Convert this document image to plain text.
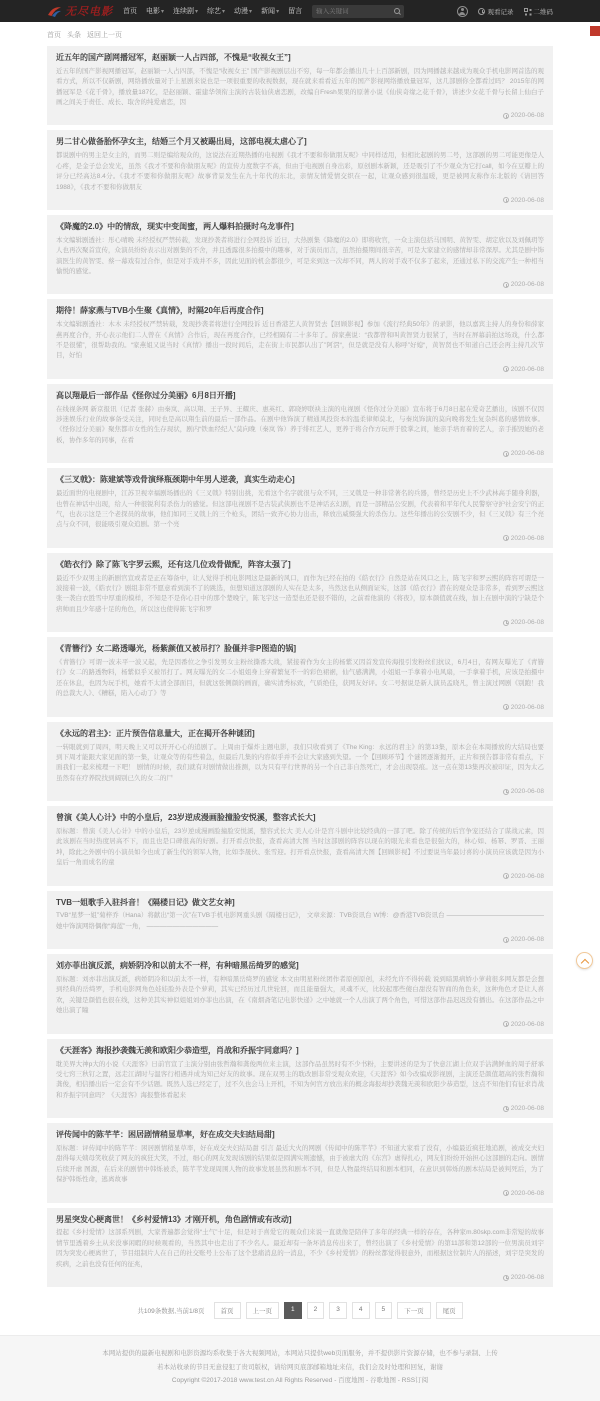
无尽电影 首页 电影▾ 连续剧▾ 综艺▾ 动漫▾ 新闻▾ 留言
输入关键词	观看记录	二维码
首页 头条 返回上一页
近五年的国产剧网播冠军，赵丽颖一人占四部，不愧是“收视女王”]
近五年的国产影视网播冠军，赵丽颖一人占四部，不愧是“收视女王” 国产影视剧层出不穷，每一年都会播出几十上百部新剧，因为网播越来越成为观众手机电影网首选的观看方式，所以不仅新剧，网络播放量对于上星剧来说也是一项很重要的收视数据，现在就来看看近五年的国产影视网络播放量冠军，这几部剧你全都看过吗？ 2015年的网播冠军是《花千骨》，播放量187亿，是赵丽颖、霍建华领衔主演的古装仙侠虐恋剧，改编自Fresh果果的原著小说《仙侠奇缘之花千骨》，讲述少女花千骨与长留上仙白子画之间关于责任、成长、取舍的纯爱虐恋，因
2020-06-08
男二甘心做备胎怀孕女主，结婚三个月又被踢出局，这部电视太虐心了]
都说剧中的男主是女主的，而男二则是编给观众的，这说法在近期热播的电视剧《我才不要和你做朋友呢》中同样适用，但相比起剧的男二号，这部剧的男二可能更像是人心疼，是金子总会发光，虽然《我才不要和你做朋友呢》的宣传力度数字不高，但由于电视剧自身出彩，原创剧本新颖，还是吸引了不少观众为它打call，如今在豆瓣上的评分已经高达8.4分。《我才不要和你做朋友呢》故事背景发生在九十年代的东北，亲情友情爱情交织在一起，让观众感到很温暖，更是被网友称作东北版的《请回答1988》，《我才不要和你做朋友
2020-06-08
《降魔的2.0》中的情敌，现实中变闺蜜，两人爆料拍摄时乌龙事件]
本文编辑剧透社：彤心晴晚 未经授权严禁转载，发现抄袭者将进行全网投诉 近日，大热剧集《降魔的2.0》即将收官，一众主演包括马国明、黄智雯、胡定欣以及刘佩玥等人也再次聚首宣传，众演员纷纷表示出对剧集的不舍，并且透露很多拍摄中的趣事，对于演员而言，虽然拍摄期间很辛苦，可是大家建立的感情却非常深厚。尤其是剧中饰演医生的黄智雯、蔡一幕戏有过合作，但是对手戏并不多，因此见面的机会都很少，可是来到这一次却不同，两人的对手戏不仅多了起来，还通过私下的交流产生一种相当愉悦的感觉。
2020-06-08
期待！薛家燕与TVB小生聚《真情》，时隔20年后再度合作]
本文编辑剧透社：木木 未经授权严禁转载，发现抄袭者将进行全网投诉 近日香港艺人黄智贤去【回顾影视】参加《流行经典50年》的录影，他以嘉宾主持人的身份和薛家燕再度合作，开心表示他们二人曾在《真情》合作后，现在再度合作，已经相隔有二十多年了。薛家燕说：“我都曾和叫黄智贤力很紧了，当时在屏幕前拍这场戏，什么都不是很懂”，很帮助我的。“家燕姐又说当时《真情》播出一段时间后，走在街上市民都认出了”阿滘“，但是就是没有人称呼”好媳“，黄智贤也不知道自己还会再主持几次节目，好怕
2020-06-08
高以翔最后一部作品《怪你过分美丽》6月8日开播]
在线视条网 新京报讯（记者 张赫）由秦岚、高以翔、王子异、王耀庆、惠英红、郭晓婷联袂主演的电视剧《怪你过分美丽》宣布将于6月8日起在爱奇艺播出，该剧不仅因涉迷娱乐行业的故事备受关注，同时也是高以翔生前的最后一部作品。在剧中他饰演了精通风投资本的温柔律师莫北，与秦岚饰演的莫向晚将发生复杂纠葛的感情故事。《怪你过分美丽》聚焦都市女性的生存现状，剧内“铁血经纪人”莫向晚（秦岚 饰）养于绯红艺人，更养于将合作方玩弄于股掌之间，她亲手培育着的艺人，亲手摧毁她的老板，协作多年的同事，在看
2020-06-08
《三叉戟》：陈建斌等戏骨演绎瓶颈期中年男人逆袭，真实生动走心]
最近面世的电视剧中，江苏卫视幸福剧场播出的《三叉戟》特别出挑，光看这个名字就很与众不同，三叉戟是一种非常著名的兵器，曾经是历史上不少武林高手随身利器，也曾在神话中出现，给人一种很锐利有杀伤力的感觉。但这部电视剧不是古装武侠剧也不是神话玄幻剧，而是一部精品公安剧，代表着和平年代人民警察守护社会安宁的正气，也表示这是三个老探员的故事，他们如同三叉戟上的三个枪头，团结一致齐心协力出击，释放出威慑强大的杀伤力。这些年播出的公安剧不少，但《三叉戟》有三个亮点与众不同，很能吸引观众追剧。第一个亮
2020-06-08
《皓衣行》除了陈飞宇罗云熙，还有这几位戏骨做配，阵容太强了]
最近不少双男主的新剧官宣或者是正在筹备中，让人觉得手机电影网这是最新的风口，而作为已经在拍的《皓衣行》自然是站在风口之上，陈飞宇和罗云熙的阵容可谓是一波接着一波，《皓衣行》剧组非常不愿意看到演不了的跳选，但想知道这部剧的人实在是太多，当然这也从侧面证实，这部《皓衣行》潜在的观众是非常多，看到罗云熙这张一袭白衣胜雪中厚重的模样，不知是不是你心目中的那个楚晚宁，陈飞宇这一造型也还是很不错的，之前看他演的《将夜》，原本颜值就在线，加上在剧中演的宁缺是个痞帅而且少年感十足的角色，所以这也使得陈飞宇和罗
2020-06-08
《青簪行》女二路透曝光，杨紫颜值又被吊打？脸僵并非P图造的锅]
《青簪行》可谓一波未平一波又起，先是因番位之争引发男女主粉丝撕番大战，紧接着作为女主的杨紫又因首发宣传海报引发粉丝们抗议，6月4日，有网友曝光了《青簪行》女二的路透物料，杨紫似乎又被吊打了。网友曝光的女二小姐姐身上穿着繁复不一的彩色裙裾，仙气感满满，小姐姐一手拿着小电风扇，一手拿着手机，应该是拍摄中还在休息，也因为玩手机，她看不太清全部面目，但就这张侧颜的画面，确实清秀标致，气质绝佳，获网友好评。女二号据说是新人演员孟晓凡，曾主演过网剧《别跑！我的总裁大人》、《糟糕，陷入心动了》等
2020-06-08
《永远的君主》：正片预告信息量大，正在揭开各种谜团]
一转眼就到了周四，明天晚上又可以开开心心的追剧了。上周由于爆炸主题电影，我们只收看到了《The King：永远的君主》的第13集，原本会在本周播放的大结局也要到下周才能跟大家见面的第一集，让观众等的有些着急，但最后几集的内容似乎并不会让大家感到失望。一个【回顾环节】个谜团逐渐揭开，正片和预告都非常有看点，下面我们一起来梳理一下吧！ 剧情的时候，我们就有对剧情做出推测，以为只有平行世界的另一个自己非自然死亡，才会出现裂痕。这一点在第13集再次被印证，因为太乙虽然有在疗养院找到阔别已久的女二的尸
2020-06-08
曾演《美人心计》中的小皇后，23岁逆成漫画脸撞脸安悦溪，整容式长大]
原标题：曾演《美人心计》中的小皇后，23岁逆成漫画脸撞脸安悦溪，整容式长大 美人心计是宫斗剧中比较经典的一部了吧。除了传统的后宫争宠还结合了谋战元素，因此该剧在当时热度居高不下，而且也是口碑很高的好剧。打开看点快报，查看高清大图 当时这部剧的阵容以现在的眼光来看也是很强大的，林心如、杨幂、罗晋、王丽坤，除此之外剧中的小演员如今也成了新生代的领军人物，比如李晟伙、张雪迎。打开看点快报，查看高清大图【回顾影视】不过要说当年最讨喜的小演员应该就是因为小皇后一角而成名的童
2020-06-08
TVB一姐歌手入驻抖音！《隔楼日记》做文艺女神]
TVB“星梦一姐”菊梓乔（Hana）将献出“第一次”在TVB手机电影网重头剧《隔楼日记》， 文章来源：TVB资讯台 W博：@香港TVB资讯台 ——————————————— 她中饰演网络偶像“海蓝”一角， ———————————
2020-06-08
刘亦菲出演反派，病娇阴冷和以前太不一样，有种暗黑岳绮罗的感觉]
原标题：刘亦菲出演反派，病娇阴冷和以前太不一样，有种暗黑岳绮罗的感觉 本文由明星粉丝团作者原创原创，未经允许不得转载 说到暗黑病娇小萝莉很多网友都是会想到经典的岳绮罗，手机电影网角色娃娃脸外表是个萝莉，其实已经历过几世轮回，而且能量强大，灵魂不灭，比较起那些傻白甜没有智商的角色来，这种角色才是让人喜欢，关键是颜值也很在线，这种美其实神似姐姐刘亦菲也出演，在《南烟斋笔记电影快递》之中她就一个人出演了两个角色，可惜这部作品迟迟没有播出。在这部作品之中她出演了瞳
2020-06-08
《天涯客》海报抄袭魏无羡和欧阳少恭造型，肖战和乔振宇同意吗？]
耽美界大神p大的小说《天涯客》日前官宣了主演分别由张哲瀚和龚俊两位来主演，这部作品虽然时有不少书粉，主要讲述的是为了快意江湖上位双手沾满鲜血的周子舒承受七窍三秋钉之置，远走江湖时与温客行相遇并成为知己好友的故事。现在双男主的耽改剧非常受观众欢迎，《天涯客》如今改编成影视剧，主演还是颜值超高的张哲瀚和龚俊，相信播出后一定会有不少话题。既然人选已经定了，过不久也会马上开机，不知为何官方放出来的概念海报却抄袭魏无羡和欧阳少恭造型，这点不知他们有征求肖战和乔振宇同意吗？《天涯客》海报整体看起来
2020-06-08
评传闻中的陈芊芊：困居剧情稍显草率，好在成交夫妇结局甜]
原标题：评传闻中的陈芊芊：困居剧情稍显草率，好在成交夫妇结局甜 引言 最近大火的网剧《传闻中的陈芊芊》不知道大家看了没有，小编最近疯狂地追剧，被成交夫妇甜得每天姨母笑收获了网友的疯狂大笑，不过，细心的网友发现该剧的结果似是圆满实则遗憾，由于被虐大的《东宫》虐得扎心，网友们纷纷开始担心这部剧的走向。剧情后续开虐 图源，在后来的剧情中韩烁被杀，陈芊芊发现周围人物的故事发展虽然和剧本不同，但是人物最终结局和剧本相同，在意识到韩烁的剧本结局是被判死后，为了保护韩烁性命，逃离故事
2020-06-08
男星突发心梗离世！《乡村爱情13》才刚开机，角色剧情或有改动]
提起《乡村爱情》这部系列剧，大家普遍都会觉得“土气”十足，但是对于喜爱它的观众们来说一直就像是陪伴了多年的经典一样的存在，各种家m.80skp.com非常短的故事情节里透着乡土从来没事闲暇的时候观看的，当然其中也走出了不少名人。最近却有一条坏消息传出来了，曾经出演了《乡村爱情》的第11部和第12部的一位男演员刘宇因为突发心梗离世了，节目组制片人在自己的社交账号上公布了这个悲痛消息的一消息，不少《乡村爱情》的粉丝都觉得很意外，而根据这位制片人的描述，刘宇是突发的疾病，之前也没有任何的征兆，
2020-06-08
共109条数据,当前1/8页	首页	上一页	1	2	3	4	5	下一页	尾页

本网站提供的最新电视剧和电影资源均系收集于各大视频网站，本网站只提供web页面服务，并不提供影片资源存储，也不参与录制、上传

若本站收录的节目无意侵犯了贵司版权，请给网页底部邮箱地址来信，我们会及时处理和回复，谢谢

Copyright ©2017-2018 www.test.cn All Rights Reserved - 百度地图 - 谷歌地图 - RSS订阅
